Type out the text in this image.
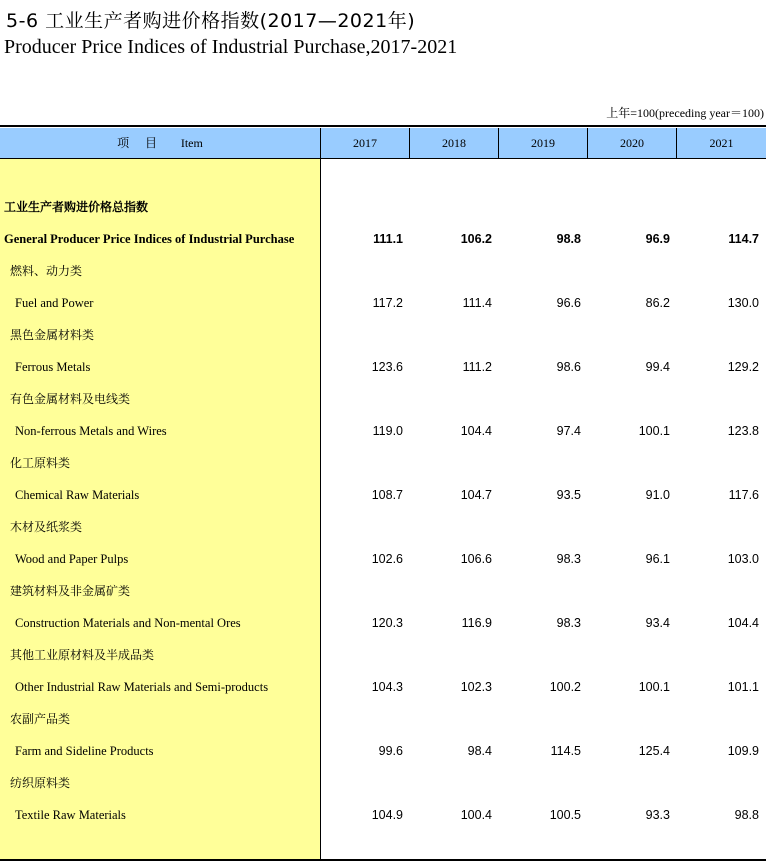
5-6 工业生产者购进价格指数(2017—2021年)
Producer Price Indices of Industrial Purchase,2017-2021
上年=100(preceding year＝100)
项 目 Item	2017	2018	2019	2020	2021
工业生产者购进价格总指数
General Producer Price Indices of Industrial Purchase	111.1	106.2	98.8	96.9	114.7
燃料、动力类
Fuel and Power	117.2	111.4	96.6	86.2	130.0
黑色金属材料类
Ferrous Metals	123.6	111.2	98.6	99.4	129.2
有色金属材料及电线类
Non-ferrous Metals and Wires	119.0	104.4	97.4	100.1	123.8
化工原料类
Chemical Raw Materials	108.7	104.7	93.5	91.0	117.6
木材及纸浆类
Wood and Paper Pulps	102.6	106.6	98.3	96.1	103.0
建筑材料及非金属矿类
Construction Materials and Non-mental Ores	120.3	116.9	98.3	93.4	104.4
其他工业原材料及半成品类
Other Industrial Raw Materials and Semi-products	104.3	102.3	100.2	100.1	101.1
农副产品类
Farm and Sideline Products	99.6	98.4	114.5	125.4	109.9
纺织原料类
Textile Raw Materials	104.9	100.4	100.5	93.3	98.8
